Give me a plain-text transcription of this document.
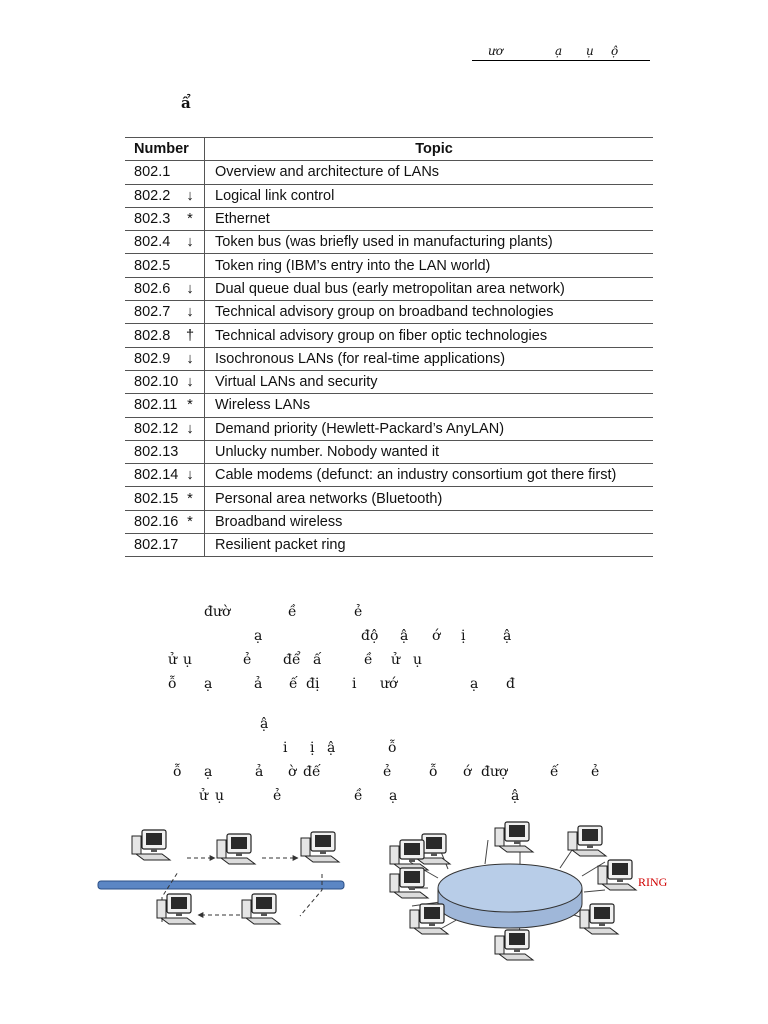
ươ	ạ ụ ộ
ẩ
Number	Topic
802.1	Overview and architecture of LANs
802.2 ↓	Logical link control
802.3 *	Ethernet
802.4 ↓	Token bus (was briefly used in manufacturing plants)
802.5	Token ring (IBM’s entry into the LAN world)
802.6 ↓	Dual queue dual bus (early metropolitan area network)
802.7 ↓	Technical advisory group on broadband technologies
802.8 †	Technical advisory group on fiber optic technologies
802.9 ↓	Isochronous LANs (for real-time applications)
802.10 ↓	Virtual LANs and security
802.11 *	Wireless LANs
802.12 ↓	Demand priority (Hewlett-Packard’s AnyLAN)
802.13	Unlucky number. Nobody wanted it
802.14 ↓	Cable modems (defunct: an industry consortium got there first)
802.15 *	Personal area networks (Bluetooth)
802.16 *	Broadband wireless
802.17	Resilient packet ring
đườ	ề	ẻ
ạ	độ ậ ớ ị	ậ
ử ụ	ẻ để ấ	ề ử ụ
ỗ ạ	ả ế đị i ướ	ạ đ
ậ
i ị ậ	ỗ
ỗ ạ	ả ờ đế	ẻ	ỗ ớ đượ	ế ẻ
ử ụ	ẻ	ề ạ	ậ
RING
